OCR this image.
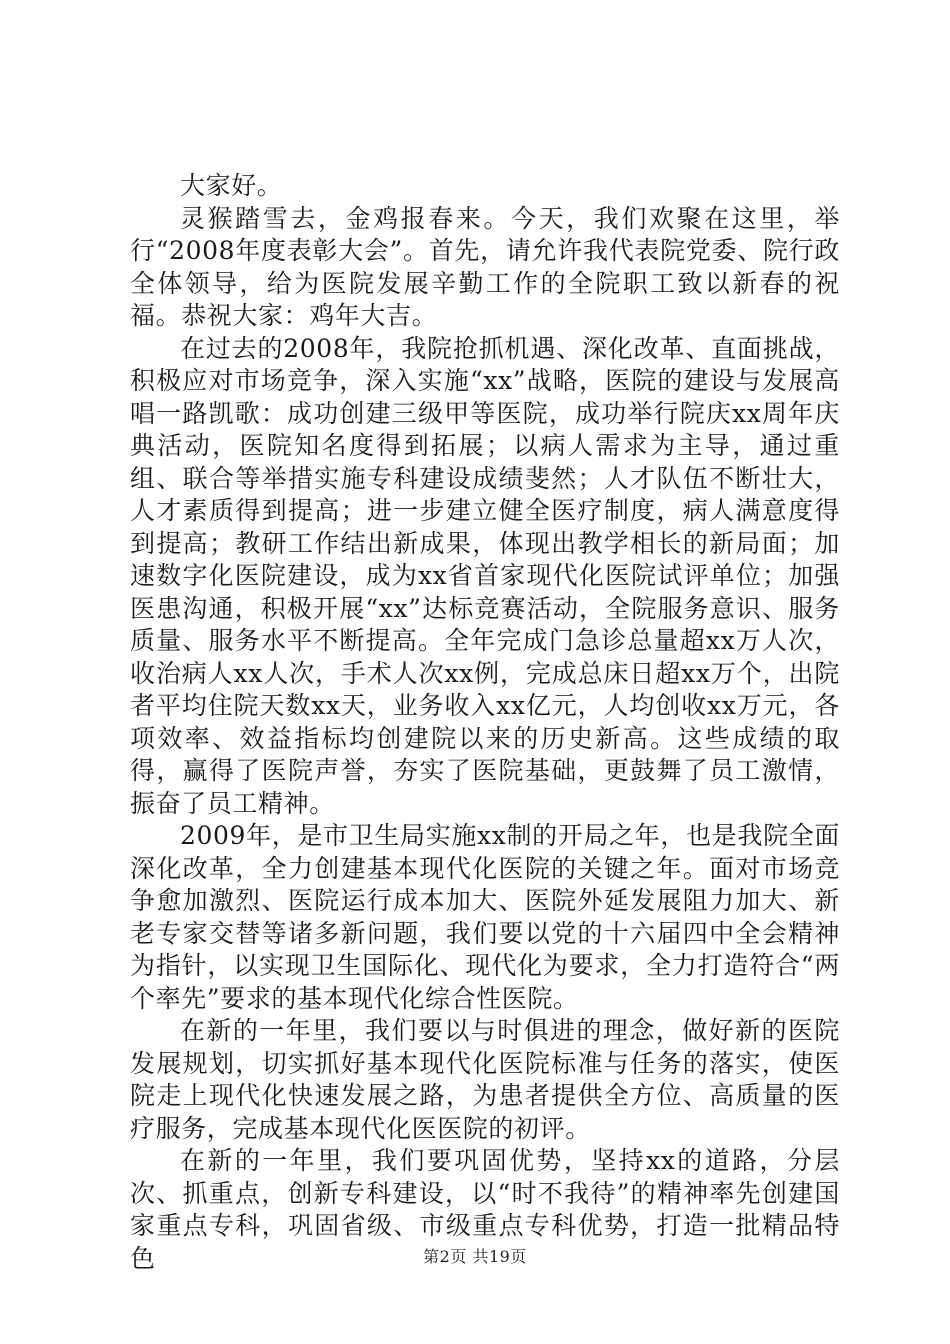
大家好。

灵猴踏雪去，金鸡报春来。今天，我们欢聚在这里，举行“2008年度表彰大会”。首先，请允许我代表院党委、院行政全体领导，给为医院发展辛勤工作的全院职工致以新春的祝福。恭祝大家：鸡年大吉。

在过去的2008年，我院抢抓机遇、深化改革、直面挑战，积极应对市场竞争，深入实施“xx”战略，医院的建设与发展高唱一路凯歌：成功创建三级甲等医院，成功举行院庆xx周年庆典活动，医院知名度得到拓展；以病人需求为主导，通过重组、联合等举措实施专科建设成绩斐然；人才队伍不断壮大，人才素质得到提高；进一步建立健全医疗制度，病人满意度得到提高；教研工作结出新成果，体现出教学相长的新局面；加速数字化医院建设，成为xx省首家现代化医院试评单位；加强医患沟通，积极开展“xx”达标竞赛活动，全院服务意识、服务质量、服务水平不断提高。全年完成门急诊总量超xx万人次，收治病人xx人次，手术人次xx例，完成总床日超xx万个，出院者平均住院天数xx天，业务收入xx亿元，人均创收xx万元，各项效率、效益指标均创建院以来的历史新高。这些成绩的取得，赢得了医院声誉，夯实了医院基础，更鼓舞了员工激情，振奋了员工精神。

2009年，是市卫生局实施xx制的开局之年，也是我院全面深化改革，全力创建基本现代化医院的关键之年。面对市场竞争愈加激烈、医院运行成本加大、医院外延发展阻力加大、新老专家交替等诸多新问题，我们要以党的十六届四中全会精神为指针，以实现卫生国际化、现代化为要求，全力打造符合“两个率先”要求的基本现代化综合性医院。

在新的一年里，我们要以与时俱进的理念，做好新的医院发展规划，切实抓好基本现代化医院标准与任务的落实，使医院走上现代化快速发展之路，为患者提供全方位、高质量的医疗服务，完成基本现代化医医院的初评。

在新的一年里，我们要巩固优势，坚持xx的道路，分层次、抓重点，创新专科建设，以“时不我待”的精神率先创建国家重点专科，巩固省级、市级重点专科优势，打造一批精品特色	第2页 共19页
